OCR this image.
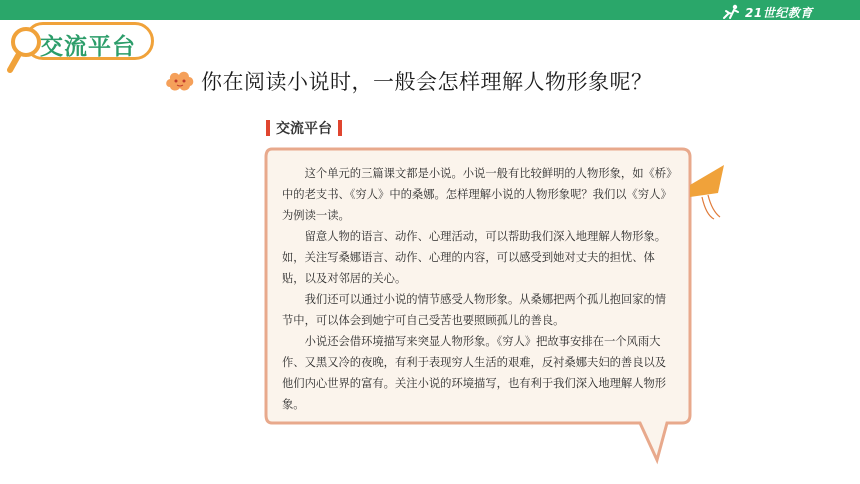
21世纪教育
交流平台
你在阅读小说时，一般会怎样理解人物形象呢？
交流平台

这个单元的三篇课文都是小说。小说一般有比较鲜明的人物形象，如《桥》中的老支书、《穷人》中的桑娜。怎样理解小说的人物形象呢？我们以《穷人》为例读一读。

留意人物的语言、动作、心理活动，可以帮助我们深入地理解人物形象。如，关注写桑娜语言、动作、心理的内容，可以感受到她对丈夫的担忧、体贴，以及对邻居的关心。

我们还可以通过小说的情节感受人物形象。从桑娜把两个孤儿抱回家的情节中，可以体会到她宁可自己受苦也要照顾孤儿的善良。

小说还会借环境描写来突显人物形象。《穷人》把故事安排在一个风雨大作、又黑又冷的夜晚，有利于表现穷人生活的艰难，反衬桑娜夫妇的善良以及他们内心世界的富有。关注小说的环境描写，也有利于我们深入地理解人物形象。
